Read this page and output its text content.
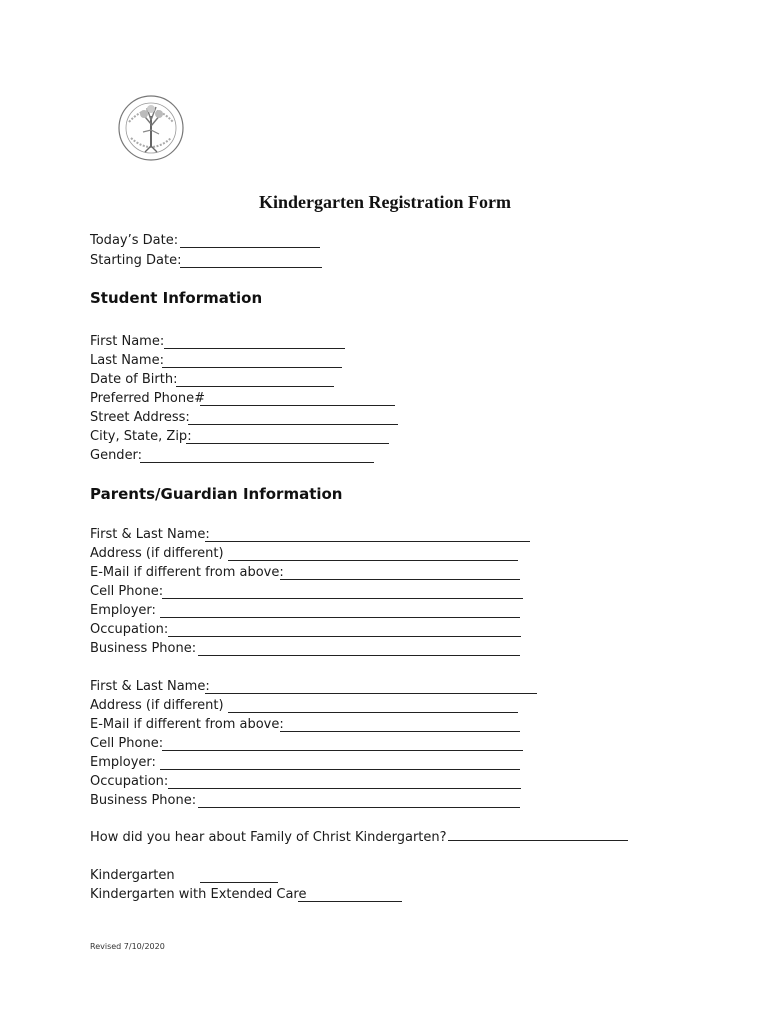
Kindergarten Registration Form
Today’s Date:
Starting Date:
Student Information
First Name:
Last Name:
Date of Birth:
Preferred Phone#
Street Address:
City, State, Zip:
Gender:
Parents/Guardian Information
First & Last Name:
Address (if different)
E-Mail if different from above:
Cell Phone:
Employer:
Occupation:
Business Phone:
First & Last Name:
Address (if different)
E-Mail if different from above:
Cell Phone:
Employer:
Occupation:
Business Phone:
How did you hear about Family of Christ Kindergarten?
Kindergarten
Kindergarten with Extended Care
Revised 7/10/2020
